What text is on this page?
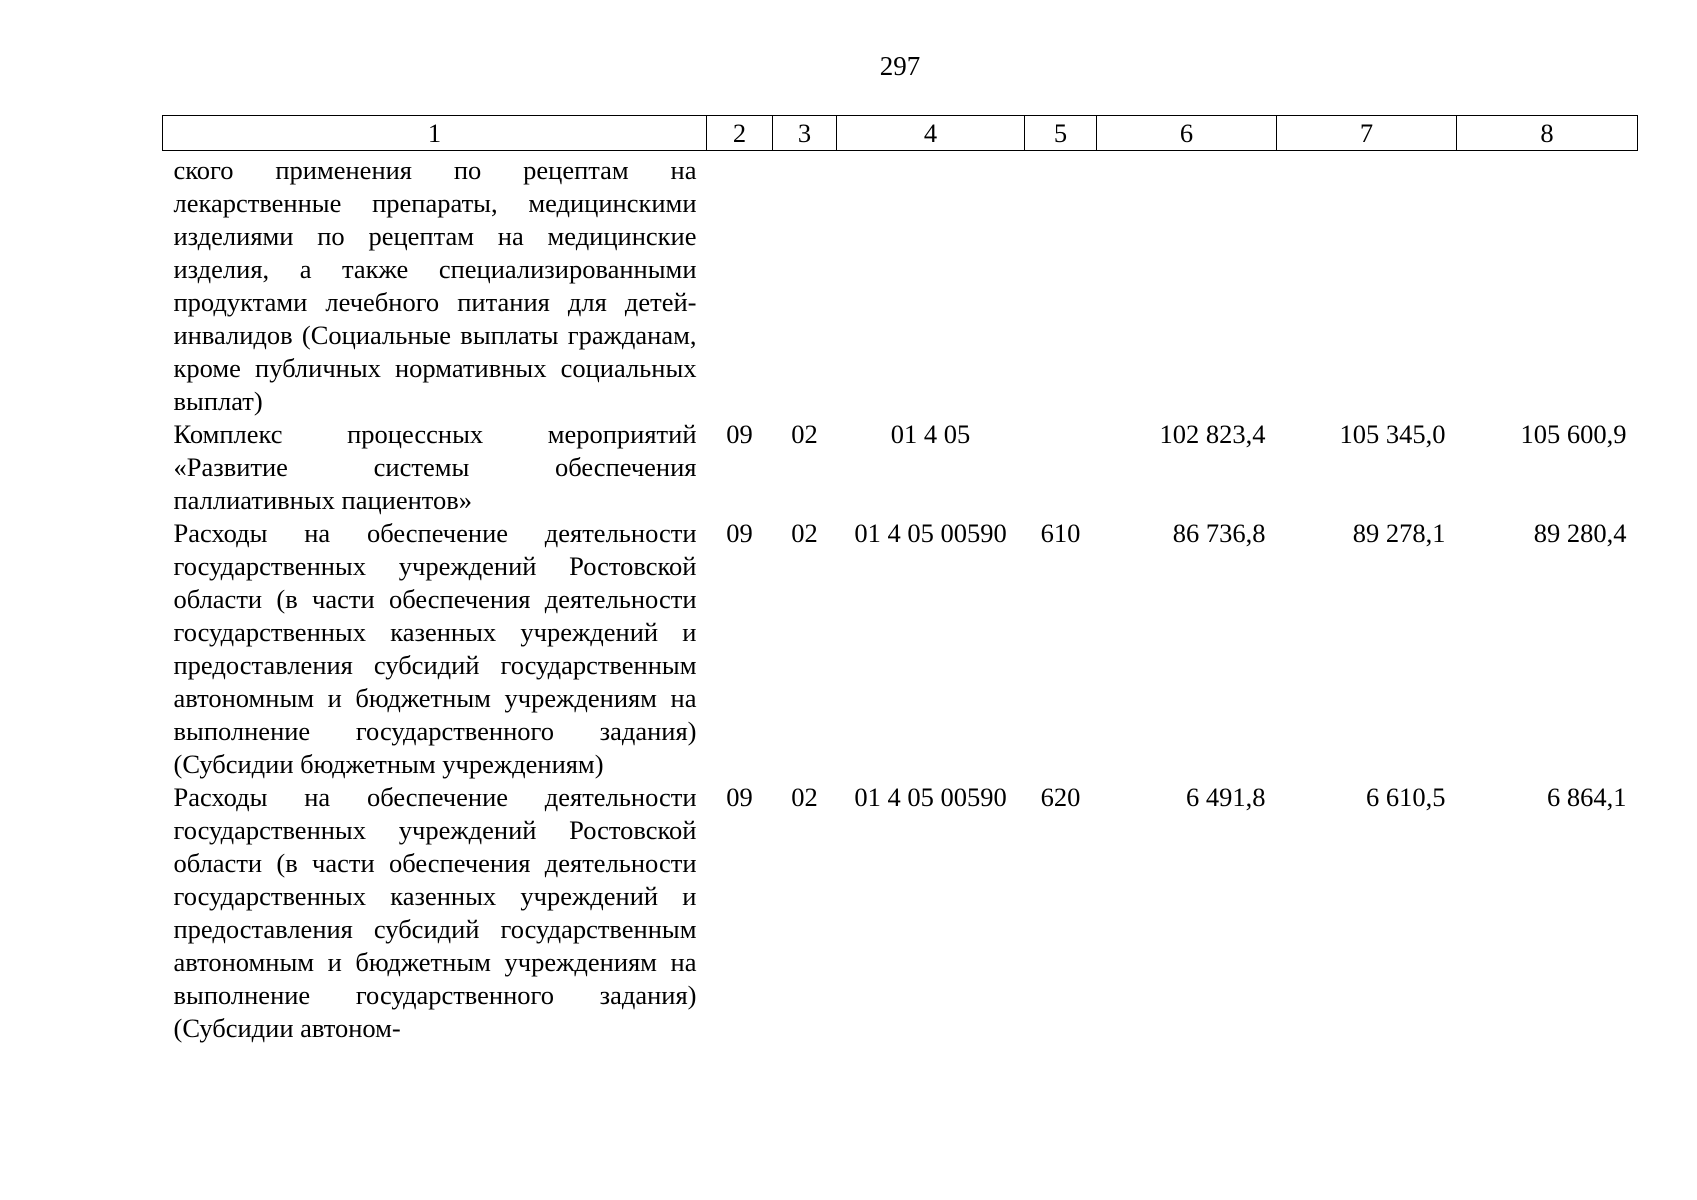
297
1	2	3	4	5	6	7	8
ского применения по рецептам на лекарственные препараты, медицинскими изделиями по рецептам на медицинские изделия, а также специализированными продуктами лечебного питания для детей-инвалидов (Социальные выплаты гражданам, кроме публичных нормативных социальных выплат)							
Комплекс процессных мероприятий «Развитие системы обеспечения паллиативных пациентов»	09	02	01 4 05		102 823,4	105 345,0	105 600,9
Расходы на обеспечение деятельности государственных учреждений Ростовской области (в части обеспечения деятельности государственных казенных учреждений и предоставления субсидий государственным автономным и бюджетным учреждениям на выполнение государственного задания) (Субсидии бюджетным учреждениям)	09	02	01 4 05 00590	610	86 736,8	89 278,1	89 280,4
Расходы на обеспечение деятельности государственных учреждений Ростовской области (в части обеспечения деятельности государственных казенных учреждений и предоставления субсидий государственным автономным и бюджетным учреждениям на выполнение государственного задания) (Субсидии автоном-	09	02	01 4 05 00590	620	6 491,8	6 610,5	6 864,1
